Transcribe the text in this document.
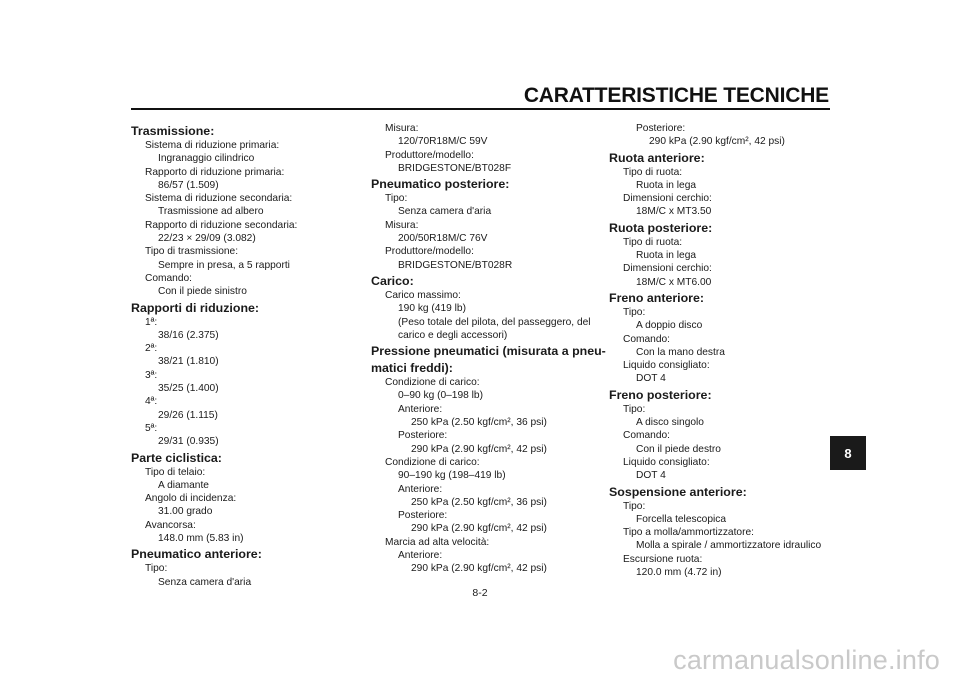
CARATTERISTICHE TECNICHE
8
Trasmissione:
Sistema di riduzione primaria:
Ingranaggio cilindrico
Rapporto di riduzione primaria:
86/57 (1.509)
Sistema di riduzione secondaria:
Trasmissione ad albero
Rapporto di riduzione secondaria:
22/23 × 29/09 (3.082)
Tipo di trasmissione:
Sempre in presa, a 5 rapporti
Comando:
Con il piede sinistro
Rapporti di riduzione:
1ª:
38/16 (2.375)
2ª:
38/21 (1.810)
3ª:
35/25 (1.400)
4ª:
29/26 (1.115)
5ª:
29/31 (0.935)
Parte ciclistica:
Tipo di telaio:
A diamante
Angolo di incidenza:
31.00 grado
Avancorsa:
148.0 mm (5.83 in)
Pneumatico anteriore:
Tipo:
Senza camera d'aria
Misura:
120/70R18M/C 59V
Produttore/modello:
BRIDGESTONE/BT028F
Pneumatico posteriore:
Tipo:
Senza camera d'aria
Misura:
200/50R18M/C 76V
Produttore/modello:
BRIDGESTONE/BT028R
Carico:
Carico massimo:
190 kg (419 lb)
(Peso totale del pilota, del passeggero, del
carico e degli accessori)
Pressione pneumatici (misurata a pneu-
matici freddi):
Condizione di carico:
0–90 kg (0–198 lb)
Anteriore:
250 kPa (2.50 kgf/cm², 36 psi)
Posteriore:
290 kPa (2.90 kgf/cm², 42 psi)
Condizione di carico:
90–190 kg (198–419 lb)
Anteriore:
250 kPa (2.50 kgf/cm², 36 psi)
Posteriore:
290 kPa (2.90 kgf/cm², 42 psi)
Marcia ad alta velocità:
Anteriore:
290 kPa (2.90 kgf/cm², 42 psi)
Posteriore:
290 kPa (2.90 kgf/cm², 42 psi)
Ruota anteriore:
Tipo di ruota:
Ruota in lega
Dimensioni cerchio:
18M/C x MT3.50
Ruota posteriore:
Tipo di ruota:
Ruota in lega
Dimensioni cerchio:
18M/C x MT6.00
Freno anteriore:
Tipo:
A doppio disco
Comando:
Con la mano destra
Liquido consigliato:
DOT 4
Freno posteriore:
Tipo:
A disco singolo
Comando:
Con il piede destro
Liquido consigliato:
DOT 4
Sospensione anteriore:
Tipo:
Forcella telescopica
Tipo a molla/ammortizzatore:
Molla a spirale / ammortizzatore idraulico
Escursione ruota:
120.0 mm (4.72 in)
8-2
carmanualsonline.info
